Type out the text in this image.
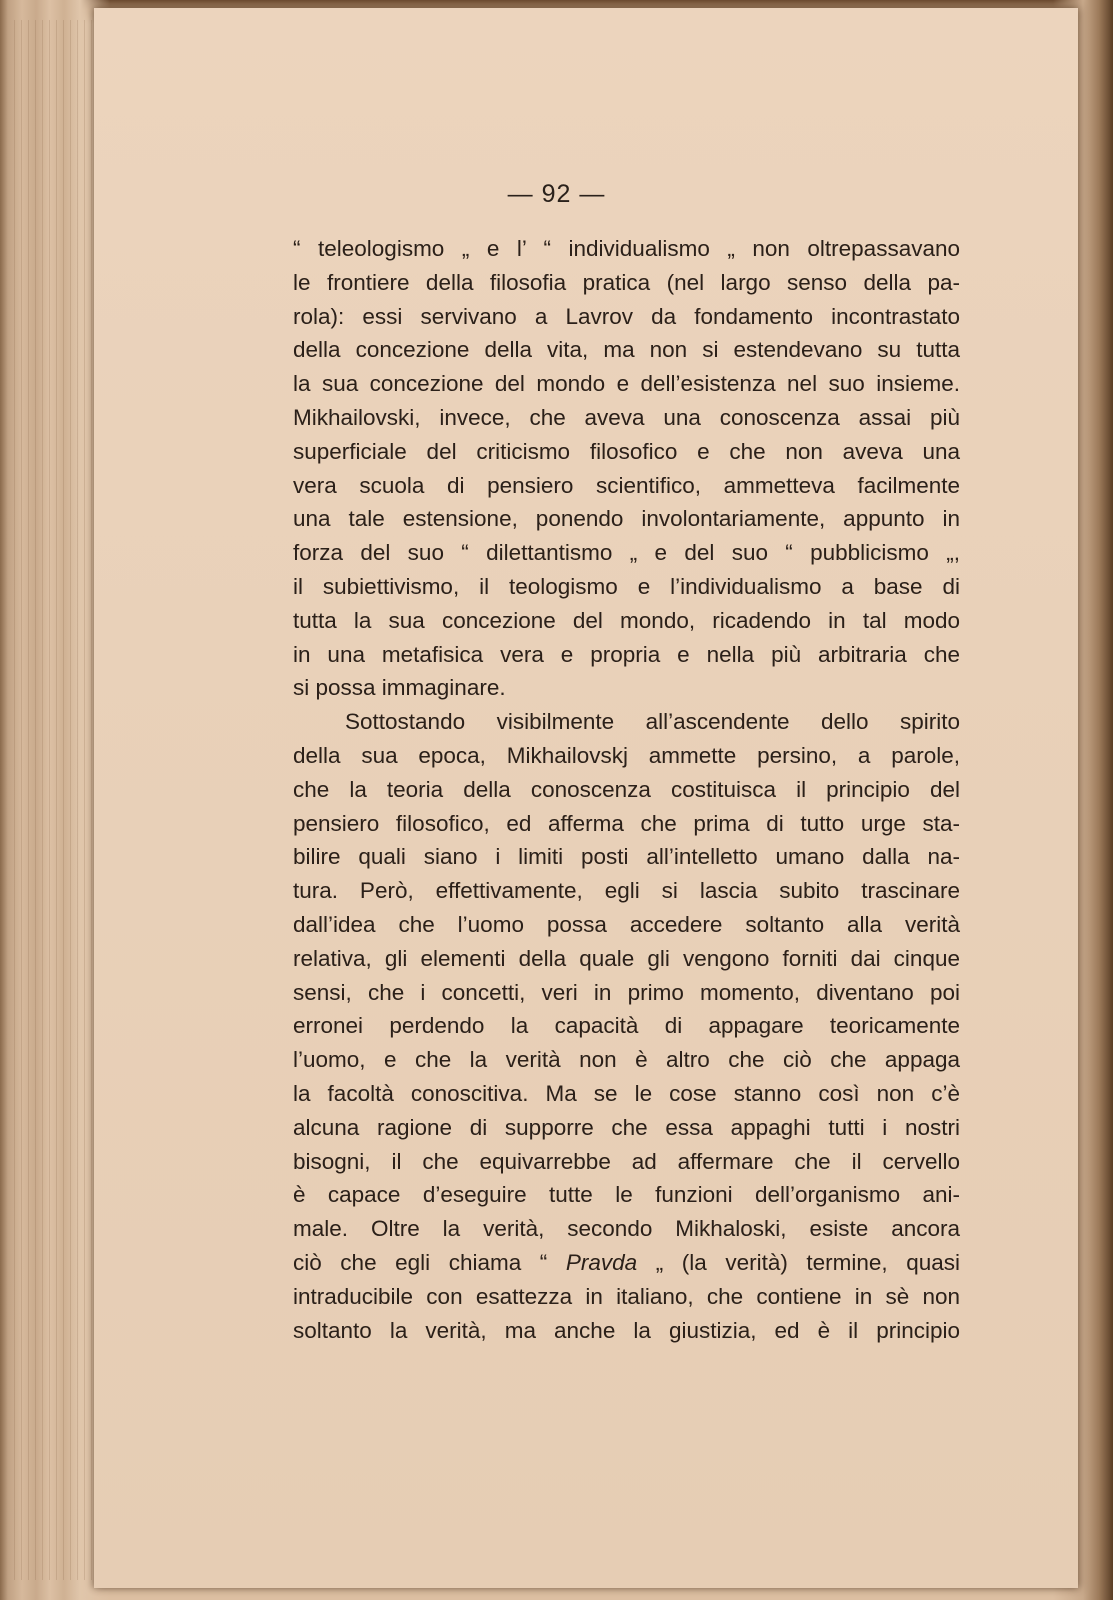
— 92 —
“ teleologismo „ e l’ “ individualismo „ non oltrepassavano
le frontiere della filosofia pratica (nel largo senso della pa-
rola): essi servivano a Lavrov da fondamento incontrastato
della concezione della vita, ma non si estendevano su tutta
la sua concezione del mondo e dell’esistenza nel suo insieme.
Mikhailovski, invece, che aveva una conoscenza assai più
superficiale del criticismo filosofico e che non aveva una
vera scuola di pensiero scientifico, ammetteva facilmente
una tale estensione, ponendo involontariamente, appunto in
forza del suo “ dilettantismo „ e del suo “ pubblicismo „,
il subiettivismo, il teologismo e l’individualismo a base di
tutta la sua concezione del mondo, ricadendo in tal modo
in una metafisica vera e propria e nella più arbitraria che
si possa immaginare.
Sottostando visibilmente all’ascendente dello spirito
della sua epoca, Mikhailovskj ammette persino, a parole,
che la teoria della conoscenza costituisca il principio del
pensiero filosofico, ed afferma che prima di tutto urge sta-
bilire quali siano i limiti posti all’intelletto umano dalla na-
tura. Però, effettivamente, egli si lascia subito trascinare
dall’idea che l’uomo possa accedere soltanto alla verità
relativa, gli elementi della quale gli vengono forniti dai cinque
sensi, che i concetti, veri in primo momento, diventano poi
erronei perdendo la capacità di appagare teoricamente
l’uomo, e che la verità non è altro che ciò che appaga
la facoltà conoscitiva. Ma se le cose stanno così non c’è
alcuna ragione di supporre che essa appaghi tutti i nostri
bisogni, il che equivarrebbe ad affermare che il cervello
è capace d’eseguire tutte le funzioni dell’organismo ani-
male. Oltre la verità, secondo Mikhaloski, esiste ancora
ciò che egli chiama “ Pravda „ (la verità) termine, quasi
intraducibile con esattezza in italiano, che contiene in sè non
soltanto la verità, ma anche la giustizia, ed è il principio
